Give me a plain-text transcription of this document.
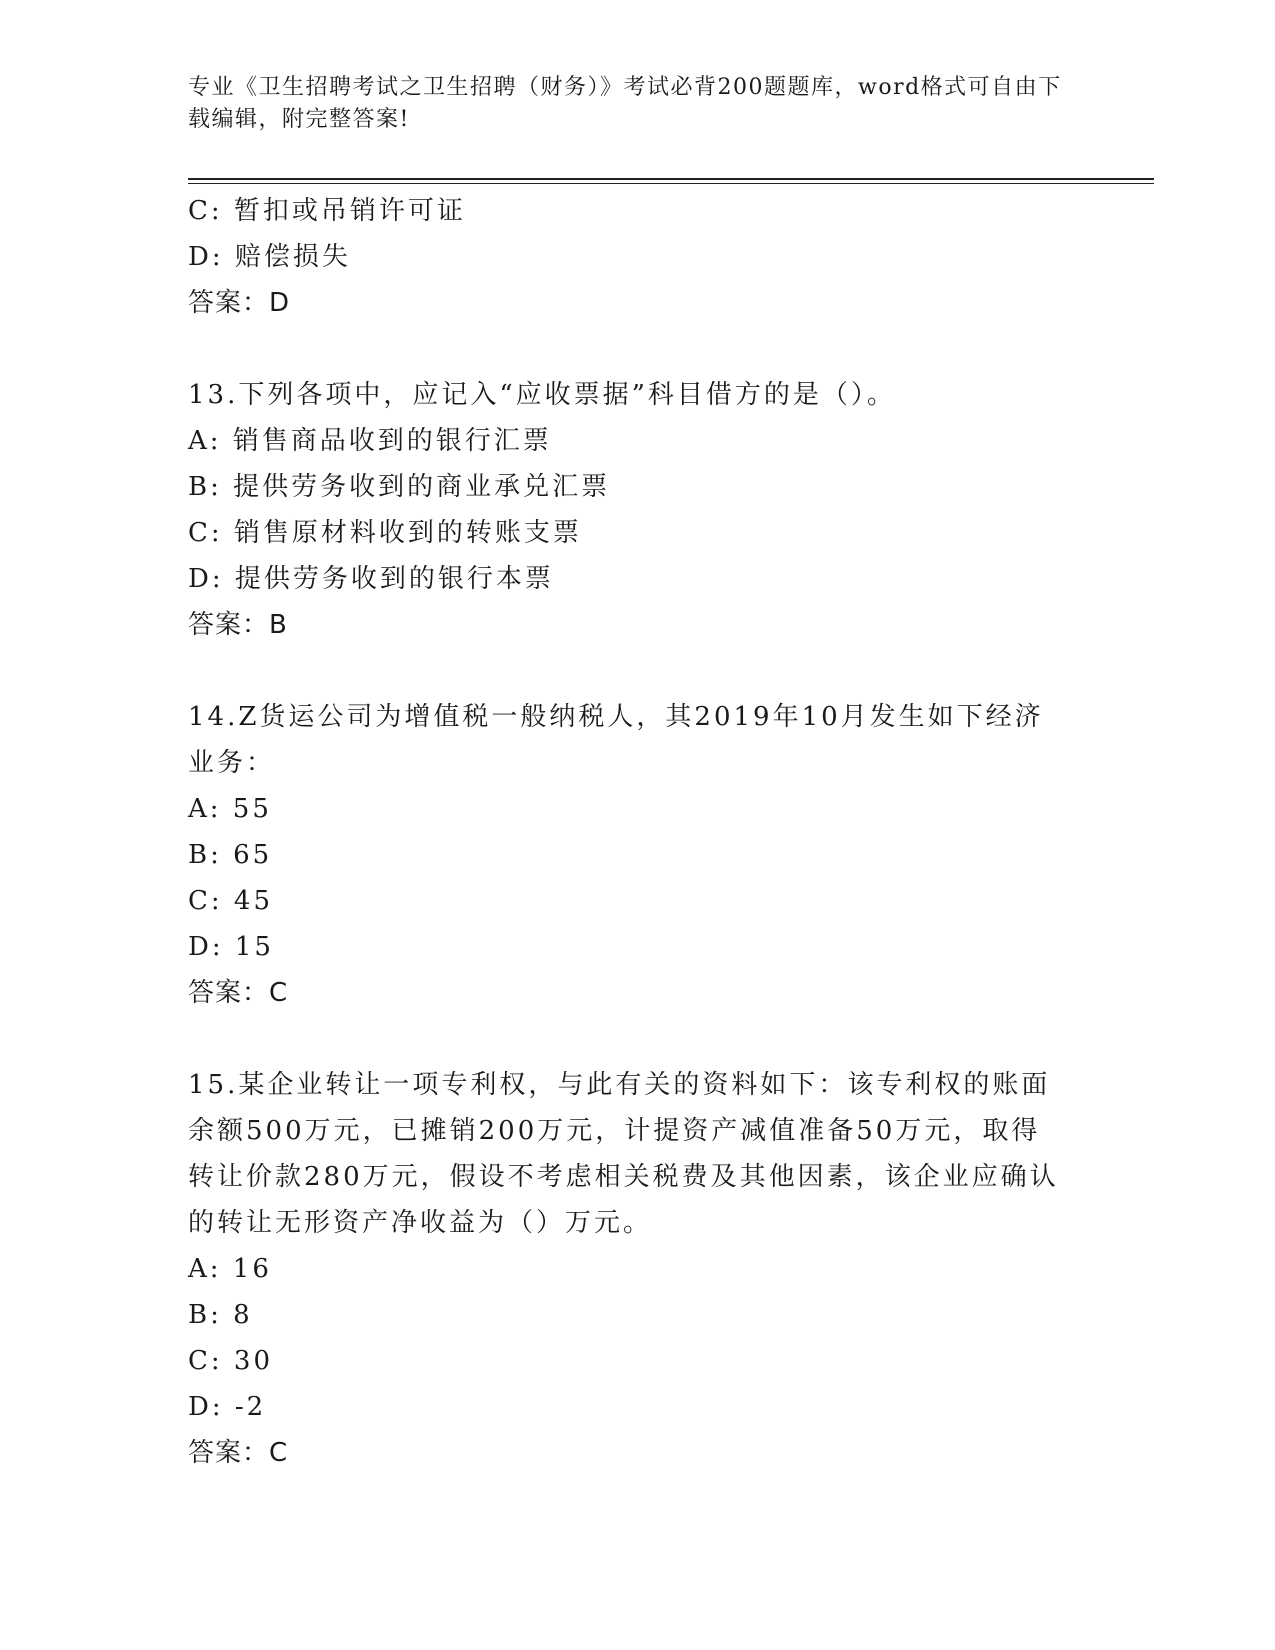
专业《卫生招聘考试之卫生招聘（财务）》考试必背200题题库，word格式可自由下载编辑，附完整答案!
C: 暂扣或吊销许可证
D: 赔偿损失
答案：D
13.下列各项中，应记入“应收票据”科目借方的是（）。
A: 销售商品收到的银行汇票
B: 提供劳务收到的商业承兑汇票
C: 销售原材料收到的转账支票
D: 提供劳务收到的银行本票
答案：B
14.Z货运公司为增值税一般纳税人，其2019年10月发生如下经济业务：
A: 55
B: 65
C: 45
D: 15
答案：C
15.某企业转让一项专利权，与此有关的资料如下：该专利权的账面余额500万元，已摊销200万元，计提资产减值准备50万元，取得转让价款280万元，假设不考虑相关税费及其他因素，该企业应确认的转让无形资产净收益为（）万元。
A: 16
B: 8
C: 30
D: -2
答案：C
